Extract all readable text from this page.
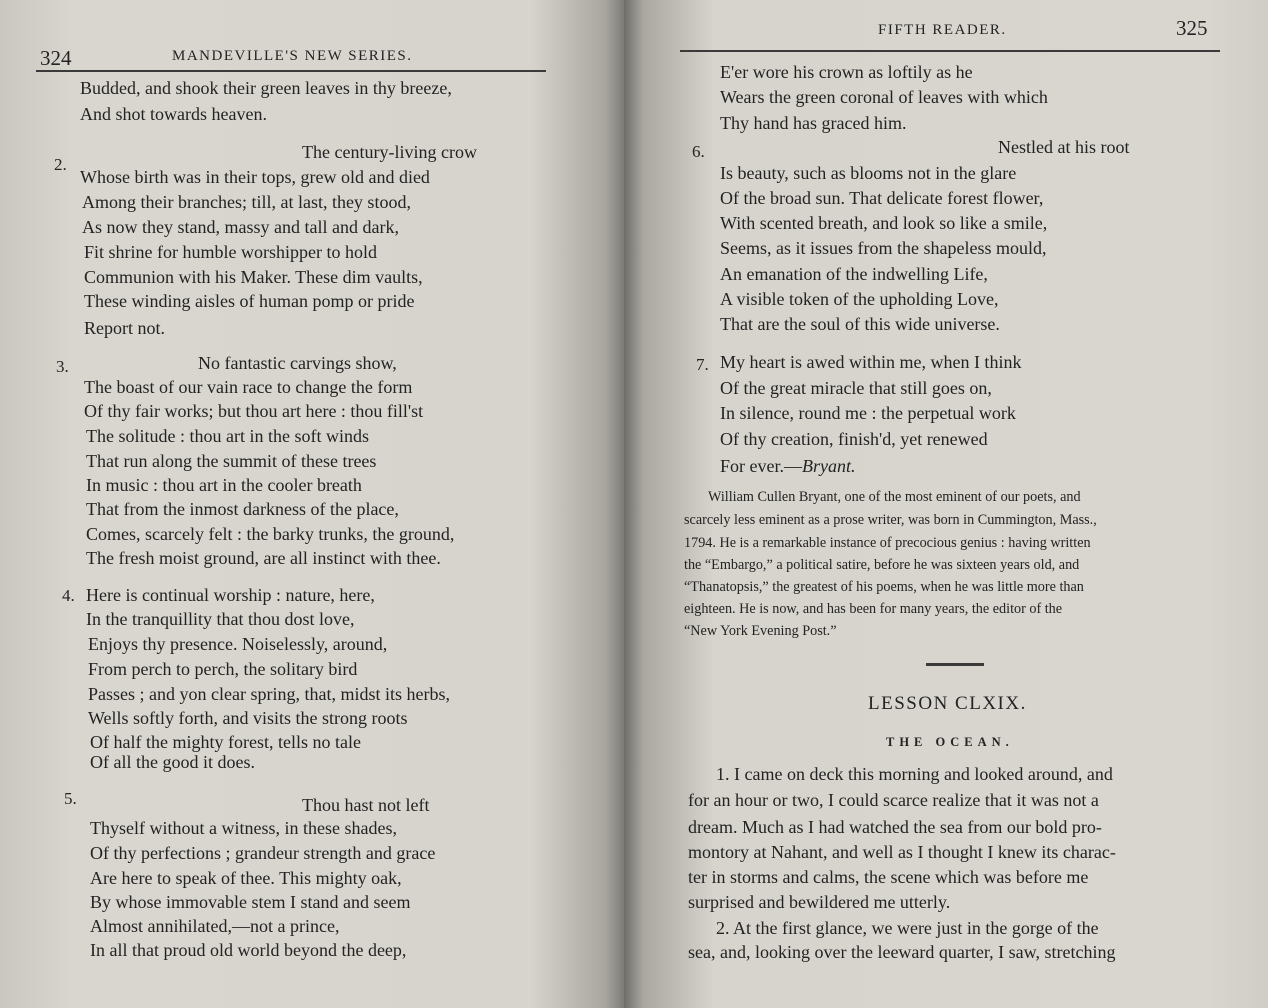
324	MANDEVILLE'S NEW SERIES.
Budded, and shook their green leaves in thy breeze,
And shot towards heaven.
2.
The century-living crow
Whose birth was in their tops, grew old and died
Among their branches; till, at last, they stood,
As now they stand, massy and tall and dark,
Fit shrine for humble worshipper to hold
Communion with his Maker. These dim vaults,
These winding aisles of human pomp or pride
Report not.
3.	No fantastic carvings show,
The boast of our vain race to change the form
Of thy fair works; but thou art here : thou fill'st
The solitude : thou art in the soft winds
That run along the summit of these trees
In music : thou art in the cooler breath
That from the inmost darkness of the place,
Comes, scarcely felt : the barky trunks, the ground,
The fresh moist ground, are all instinct with thee.
4. Here is continual worship : nature, here,
In the tranquillity that thou dost love,
Enjoys thy presence. Noiselessly, around,
From perch to perch, the solitary bird
Passes ; and yon clear spring, that, midst its herbs,
Wells softly forth, and visits the strong roots
Of half the mighty forest, tells no tale
Of all the good it does.
5.	Thou hast not left
Thyself without a witness, in these shades,
Of thy perfections ; grandeur strength and grace
Are here to speak of thee. This mighty oak,
By whose immovable stem I stand and seem
Almost annihilated,—not a prince,
In all that proud old world beyond the deep,
FIFTH READER.	325
E'er wore his crown as loftily as he
Wears the green coronal of leaves with which
Thy hand has graced him.
6.	Nestled at his root
Is beauty, such as blooms not in the glare
Of the broad sun. That delicate forest flower,
With scented breath, and look so like a smile,
Seems, as it issues from the shapeless mould,
An emanation of the indwelling Life,
A visible token of the upholding Love,
That are the soul of this wide universe.
7. My heart is awed within me, when I think
Of the great miracle that still goes on,
In silence, round me : the perpetual work
Of thy creation, finish'd, yet renewed
For ever.—Bryant.
William Cullen Bryant, one of the most eminent of our poets, and
scarcely less eminent as a prose writer, was born in Cummington, Mass.,
1794. He is a remarkable instance of precocious genius : having written
the “Embargo,” a political satire, before he was sixteen years old, and
“Thanatopsis,” the greatest of his poems, when he was little more than
eighteen. He is now, and has been for many years, the editor of the
“New York Evening Post.”
LESSON CLXIX.
THE OCEAN.
1. I came on deck this morning and looked around, and
for an hour or two, I could scarce realize that it was not a
dream. Much as I had watched the sea from our bold pro-
montory at Nahant, and well as I thought I knew its charac-
ter in storms and calms, the scene which was before me
surprised and bewildered me utterly.
2. At the first glance, we were just in the gorge of the
sea, and, looking over the leeward quarter, I saw, stretching
